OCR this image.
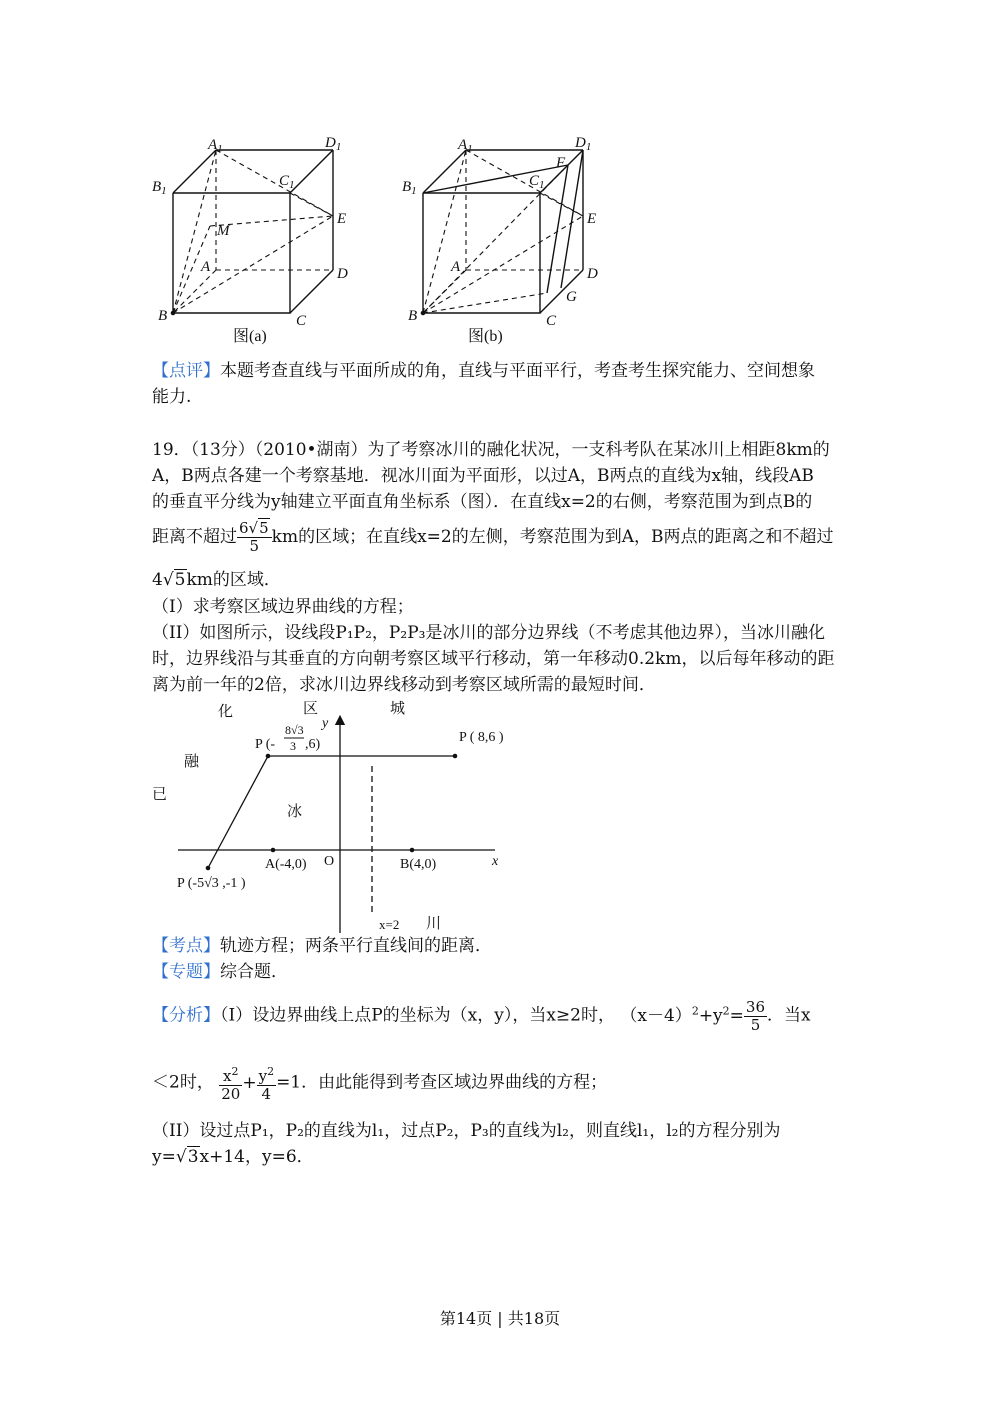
$A_1$	$D_1$
$B_1$
$C_1$
M
E
A	D
B	C
$A_1$	$D_1$
F
$B_1$
$C_1$
E
A	D
G
B	C
图(a)	图(b)
【点评】本题考查直线与平面所成的角，直线与平面平行，考查考生探究能力、空间想象
能力.
19．（13分）（2010•湖南）为了考察冰川的融化状况，一支科考队在某冰川上相距8km的
A，B两点各建一个考察基地．视冰川面为平面形，以过A，B两点的直线为x轴，线段AB
的垂直平分线为y轴建立平面直角坐标系（图）．在直线x=2的右侧，考察范围为到点B的
距离不超过 $\frac{6√5}{5}$ km的区域；在直线x=2的左侧，考察范围为到A，B两点的距离之和不超过
4√5km的区域．
（I）求考察区域边界曲线的方程；
（II）如图所示，设线段P₁P₂，P₂P₃是冰川的部分边界线（不考虑其他边界），当冰川融化
时，边界线沿与其垂直的方向朝考察区域平行移动，第一年移动0.2km，以后每年移动的距
离为前一年的2倍，求冰川边界线移动到考察区域所需的最短时间．
化	区	城
融
已
冰
川
y
x
O
A(-4,0)	B(4,0)
P (-
8√3
3 ,6)	P ( 8,6 )
P (-5√3 ,-1 )
x=2
【考点】轨迹方程；两条平行直线间的距离．
【专题】综合题．
【分析】（I）设边界曲线上点P的坐标为（x，y），当x≥2时， $(x-4)^2+y^2= \frac{36}{5}$ ．当x
＜2时， $\frac{x^2}{20} + \frac{y^2}{4} =1$．由此能得到考查区域边界曲线的方程；
（II）设过点P₁，P₂的直线为l₁，过点P₂，P₃的直线为l₂，则直线l₁，l₂的方程分别为
y=√3x+14，y=6．
第14页 | 共18页
